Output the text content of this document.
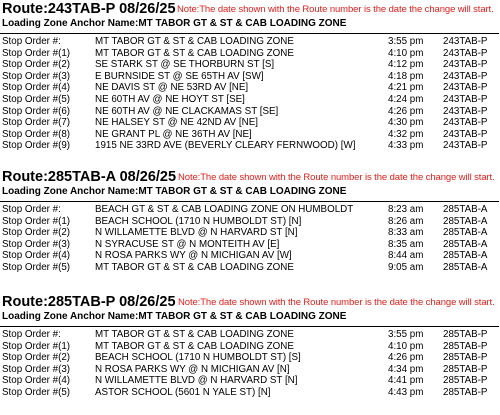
Route:243TAB-P 08/26/25 Note:The date shown with the Route number is the date the change will start.
Loading Zone Anchor Name:MT TABOR GT & ST & CAB LOADING ZONE
Stop Order #:	MT TABOR GT & ST & CAB LOADING ZONE	3:55 pm 243TAB-P
Stop Order #(1)	MT TABOR GT & ST & CAB LOADING ZONE	4:10 pm 243TAB-P
Stop Order #(2)	SE STARK ST @ SE THORBURN ST [S]	4:12 pm 243TAB-P
Stop Order #(3)	E BURNSIDE ST @ SE 65TH AV [SW]	4:18 pm 243TAB-P
Stop Order #(4)	NE DAVIS ST @ NE 53RD AV [NE]	4:21 pm 243TAB-P
Stop Order #(5)	NE 60TH AV @ NE HOYT ST [SE]	4:24 pm 243TAB-P
Stop Order #(6)	NE 60TH AV @ NE CLACKAMAS ST [SE]	4:26 pm 243TAB-P
Stop Order #(7)	NE HALSEY ST @ NE 42ND AV [NE]	4:30 pm 243TAB-P
Stop Order #(8)	NE GRANT PL @ NE 36TH AV [NE]	4:32 pm 243TAB-P
Stop Order #(9)	1915 NE 33RD AVE (BEVERLY CLEARY FERNWOOD) [W]	4:33 pm 243TAB-P
Route:285TAB-A 08/26/25 Note:The date shown with the Route number is the date the change will start.
Loading Zone Anchor Name:MT TABOR GT & ST & CAB LOADING ZONE
Stop Order #:	BEACH GT & ST & CAB LOADING ZONE ON HUMBOLDT	8:23 am 285TAB-A
Stop Order #(1)	BEACH SCHOOL (1710 N HUMBOLDT ST) [N]	8:26 am 285TAB-A
Stop Order #(2)	N WILLAMETTE BLVD @ N HARVARD ST [N]	8:33 am 285TAB-A
Stop Order #(3)	N SYRACUSE ST @ N MONTEITH AV [E]	8:35 am 285TAB-A
Stop Order #(4)	N ROSA PARKS WY @ N MICHIGAN AV [W]	8:44 am 285TAB-A
Stop Order #(5)	MT TABOR GT & ST & CAB LOADING ZONE	9:05 am 285TAB-A
Route:285TAB-P 08/26/25 Note:The date shown with the Route number is the date the change will start.
Loading Zone Anchor Name:MT TABOR GT & ST & CAB LOADING ZONE
Stop Order #:	MT TABOR GT & ST & CAB LOADING ZONE	3:55 pm 285TAB-P
Stop Order #(1)	MT TABOR GT & ST & CAB LOADING ZONE	4:10 pm 285TAB-P
Stop Order #(2)	BEACH SCHOOL (1710 N HUMBOLDT ST) [S]	4:26 pm 285TAB-P
Stop Order #(3)	N ROSA PARKS WY @ N MICHIGAN AV [N]	4:34 pm 285TAB-P
Stop Order #(4)	N WILLAMETTE BLVD @ N HARVARD ST [N]	4:41 pm 285TAB-P
Stop Order #(5)	ASTOR SCHOOL (5601 N YALE ST) [N]	4:43 pm 285TAB-P
